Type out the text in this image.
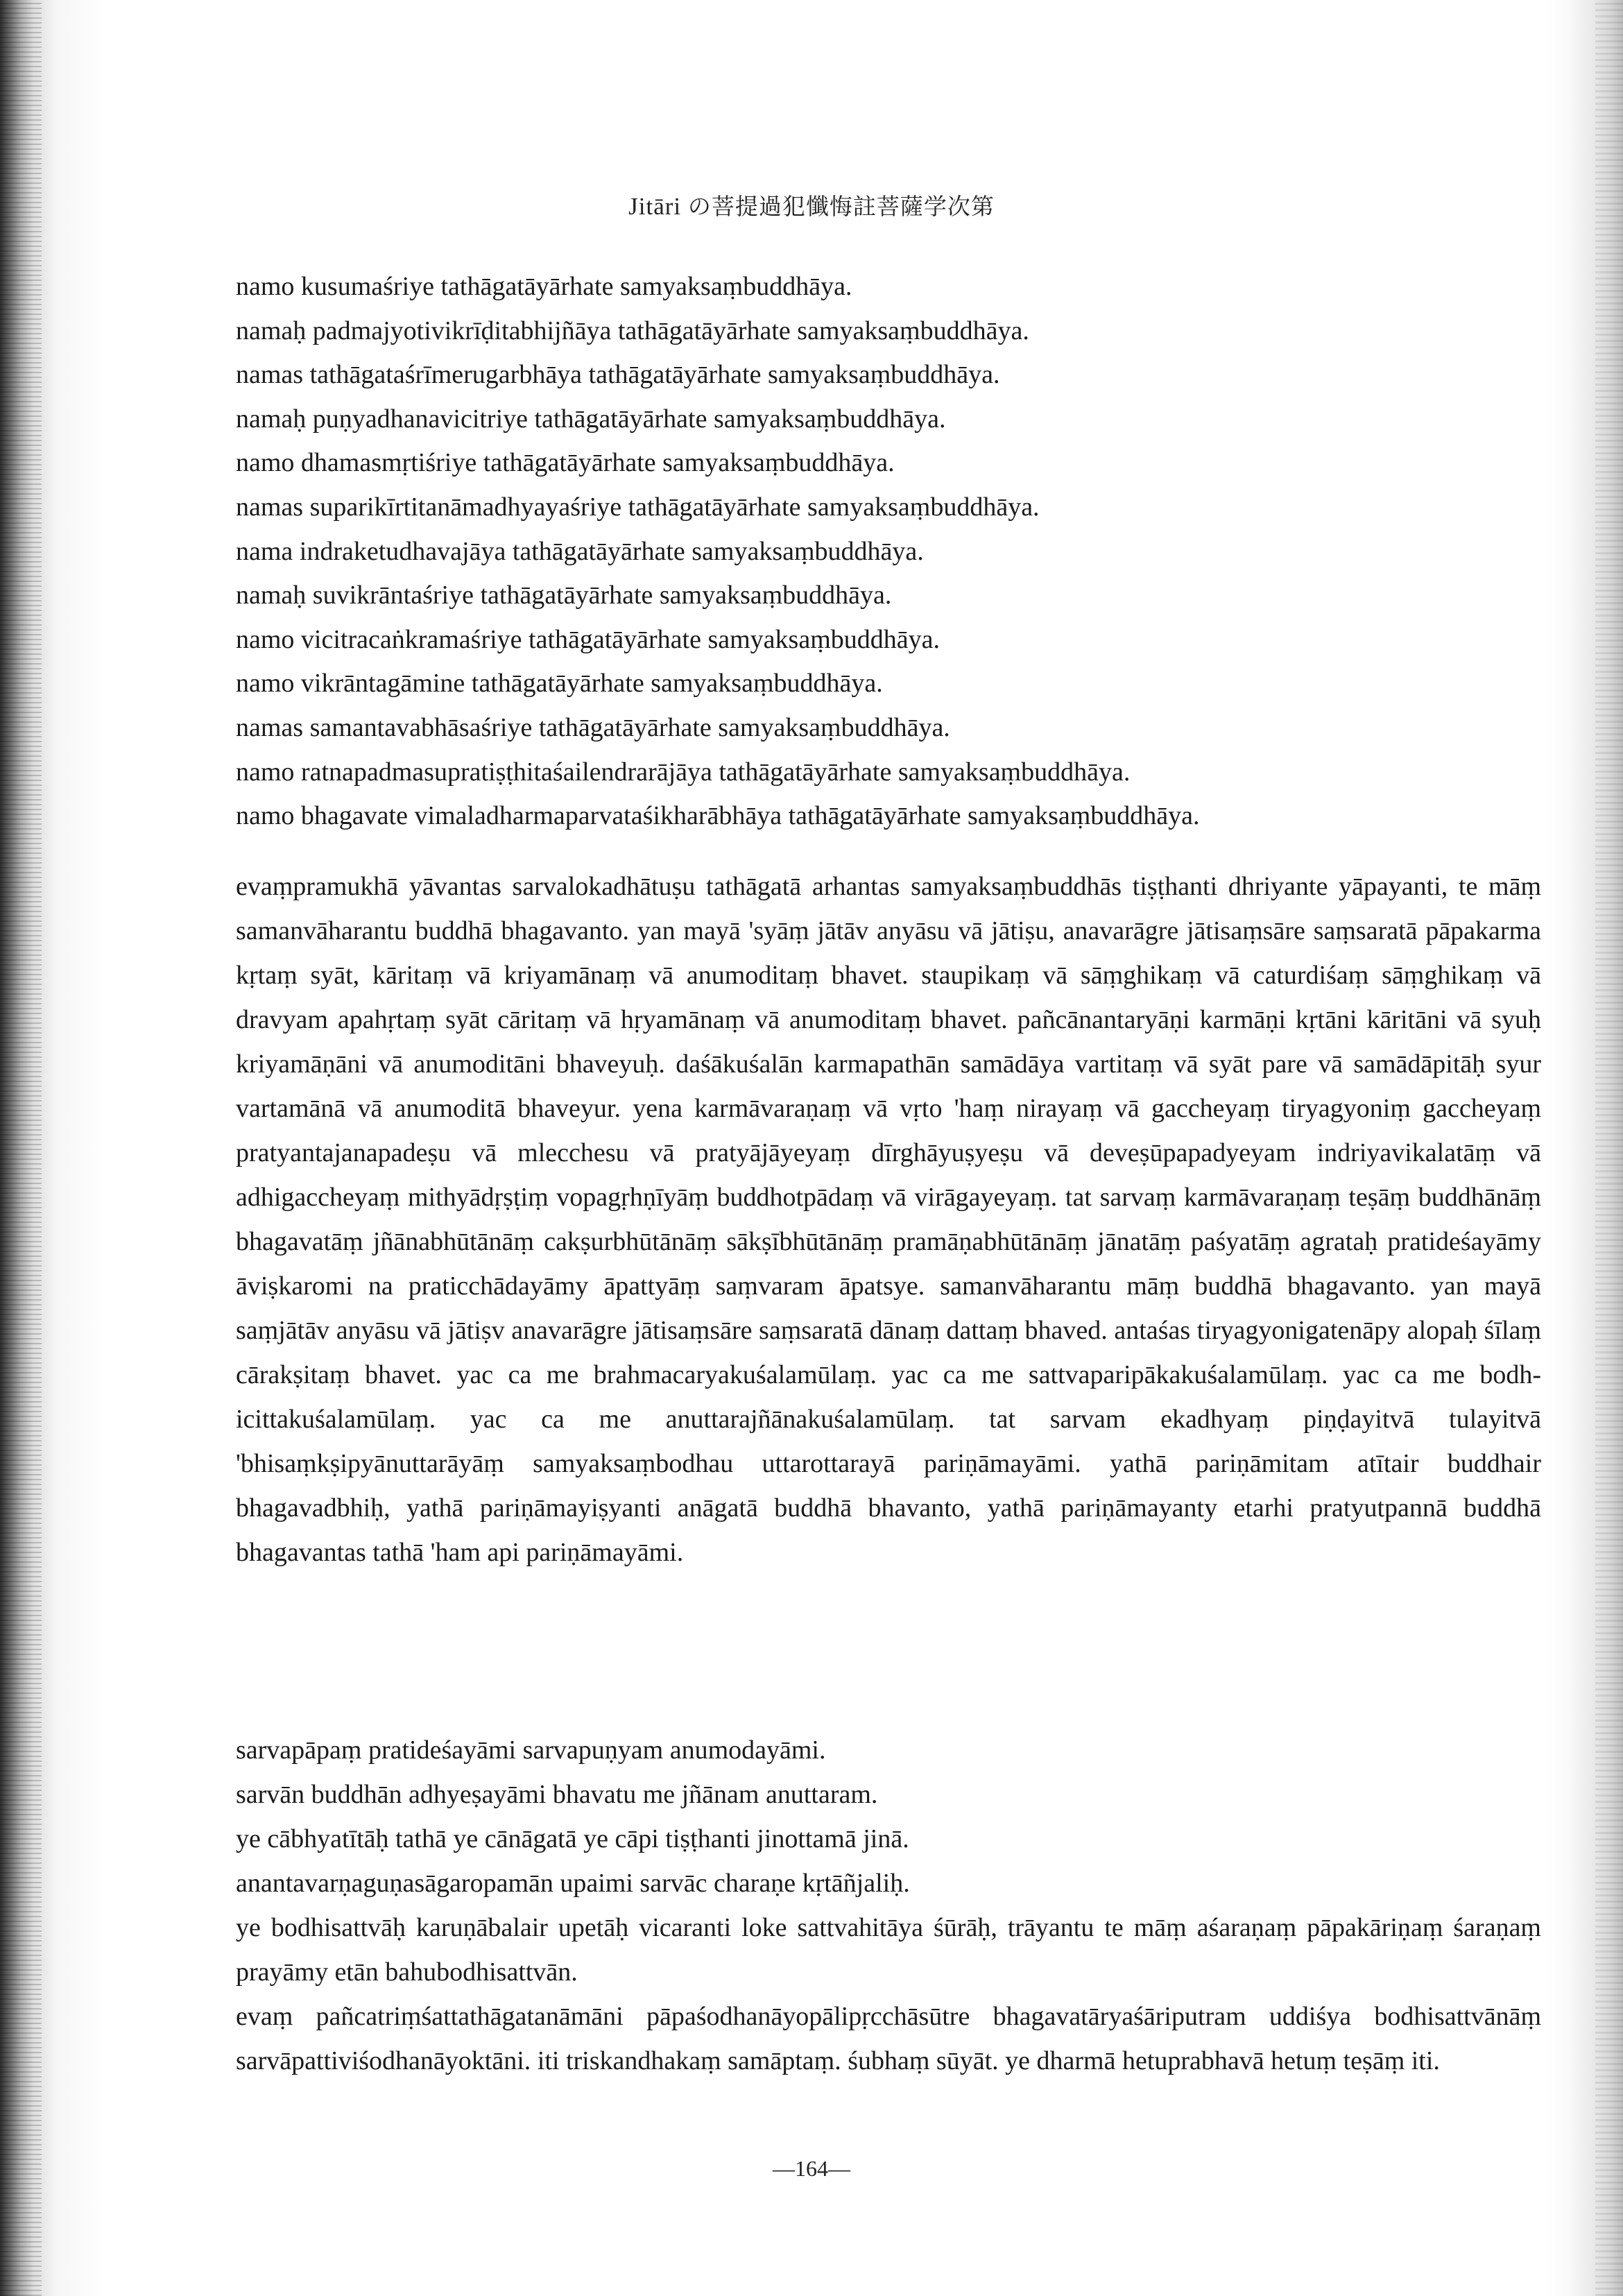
Jitāri の菩提過犯懺悔註菩薩学次第
namo kusumaśriye tathāgatāyārhate samyaksaṃbuddhāya.
namaḥ padmajyotivikrīḍitabhijñāya tathāgatāyārhate samyaksaṃbuddhāya.
namas tathāgataśrīmerugarbhāya tathāgatāyārhate samyaksaṃbuddhāya.
namaḥ puṇyadhanavicitriye tathāgatāyārhate samyaksaṃbuddhāya.
namo dhamasmṛtiśriye tathāgatāyārhate samyaksaṃbuddhāya.
namas suparikīrtitanāmadhyayaśriye tathāgatāyārhate samyaksaṃbuddhāya.
nama indraketudhavajāya tathāgatāyārhate samyaksaṃbuddhāya.
namaḥ suvikrāntaśriye tathāgatāyārhate samyaksaṃbuddhāya.
namo vicitracaṅkramaśriye tathāgatāyārhate samyaksaṃbuddhāya.
namo vikrāntagāmine tathāgatāyārhate samyaksaṃbuddhāya.
namas samantavabhāsaśriye tathāgatāyārhate samyaksaṃbuddhāya.
namo ratnapadmasupratiṣṭhitaśailendrarājāya tathāgatāyārhate samyaksaṃbuddhāya.
namo bhagavate vimaladharmaparvataśikharābhāya tathāgatāyārhate samyaksaṃbuddhāya.

evaṃpramukhā yāvantas sarvalokadhātuṣu tathāgatā arhantas samyaksaṃbuddhās tiṣṭhanti dhriyante yāpayanti, te māṃ samanvāharantu buddhā bhagavanto. yan mayā 'syāṃ jātāv anyāsu vā jātiṣu, anavarāgre jātisaṃsāre saṃsaratā pāpakarma kṛtaṃ syāt, kāritaṃ vā kriyamānaṃ vā anumoditaṃ bhavet. staupikaṃ vā sāṃghikaṃ vā caturdiśaṃ sāṃghikaṃ vā dravyam apahṛtaṃ syāt cāritaṃ vā hṛyamānaṃ vā anumoditaṃ bhavet. pañcānantaryāṇi karmāṇi kṛtāni kāritāni vā syuḥ kriyamāṇāni vā anumoditāni bhaveyuḥ. daśākuśalān karmapathān samādāya vartitaṃ vā syāt pare vā samādāpitāḥ syur vartamānā vā anumoditā bhaveyur. yena karmāvaraṇaṃ vā vṛto 'haṃ nirayaṃ vā gaccheyaṃ tiryagyoniṃ gaccheyaṃ pratyantajanapadeṣu vā mlecchesu vā pratyājāyeyaṃ dīrghāyuṣyeṣu vā deveṣūpapadyeyam indriyavikalatāṃ vā adhigaccheyaṃ mithyādṛṣṭiṃ vopagṛhṇīyāṃ buddhotpādaṃ vā virāgayeyaṃ. tat sarvaṃ karmāvaraṇaṃ teṣāṃ buddhānāṃ bhagavatāṃ jñānabhūtānāṃ cakṣurbhūtānāṃ sākṣībhūtānāṃ pramāṇabhūtānāṃ jānatāṃ paśyatāṃ agrataḥ pratideśayāmy āviṣkaromi na praticchādayāmy āpattyāṃ saṃvaram āpatsye. samanvāharantu māṃ buddhā bhagavanto. yan mayā saṃjātāv anyāsu vā jātiṣv anavarāgre jātisaṃsāre saṃsaratā dānaṃ dattaṃ bhaved. antaśas tiryagyonigatenāpy alopaḥ śīlaṃ cārakṣitaṃ bhavet. yac ca me brahmacaryakuśalamūlaṃ. yac ca me sattvaparipākakuśalamūlaṃ. yac ca me bodh-icittakuśalamūlaṃ. yac ca me anuttarajñānakuśalamūlaṃ. tat sarvam ekadhyaṃ piṇḍayitvā tulayitvā 'bhisaṃkṣipyānuttarāyāṃ samyaksaṃbodhau uttarottarayā pariṇāmayāmi. yathā pariṇāmitam atītair buddhair bhagavadbhiḥ, yathā pariṇāmayiṣyanti anāgatā buddhā bhavanto, yathā pariṇāmayanty etarhi pratyutpannā buddhā bhagavantas tathā 'ham api pariṇāmayāmi.

sarvapāpaṃ pratideśayāmi sarvapuṇyam anumodayāmi.

sarvān buddhān adhyeṣayāmi bhavatu me jñānam anuttaram.

ye cābhyatītāḥ tathā ye cānāgatā ye cāpi tiṣṭhanti jinottamā jinā.

anantavarṇaguṇasāgaropamān upaimi sarvāc charaṇe kṛtāñjaliḥ.

ye bodhisattvāḥ karuṇābalair upetāḥ vicaranti loke sattvahitāya śūrāḥ, trāyantu te māṃ aśaraṇaṃ pāpakāriṇaṃ śaraṇaṃ prayāmy etān bahubodhisattvān.

evaṃ pañcatriṃśattathāgatanāmāni pāpaśodhanāyopālipṛcchāsūtre bhagavatāryaśāriputram uddiśya bodhisattvānāṃ sarvāpattiviśodhanāyoktāni. iti triskandhakaṃ samāptaṃ. śubhaṃ sūyāt. ye dharmā hetuprabhavā hetuṃ teṣāṃ iti.

—164—
